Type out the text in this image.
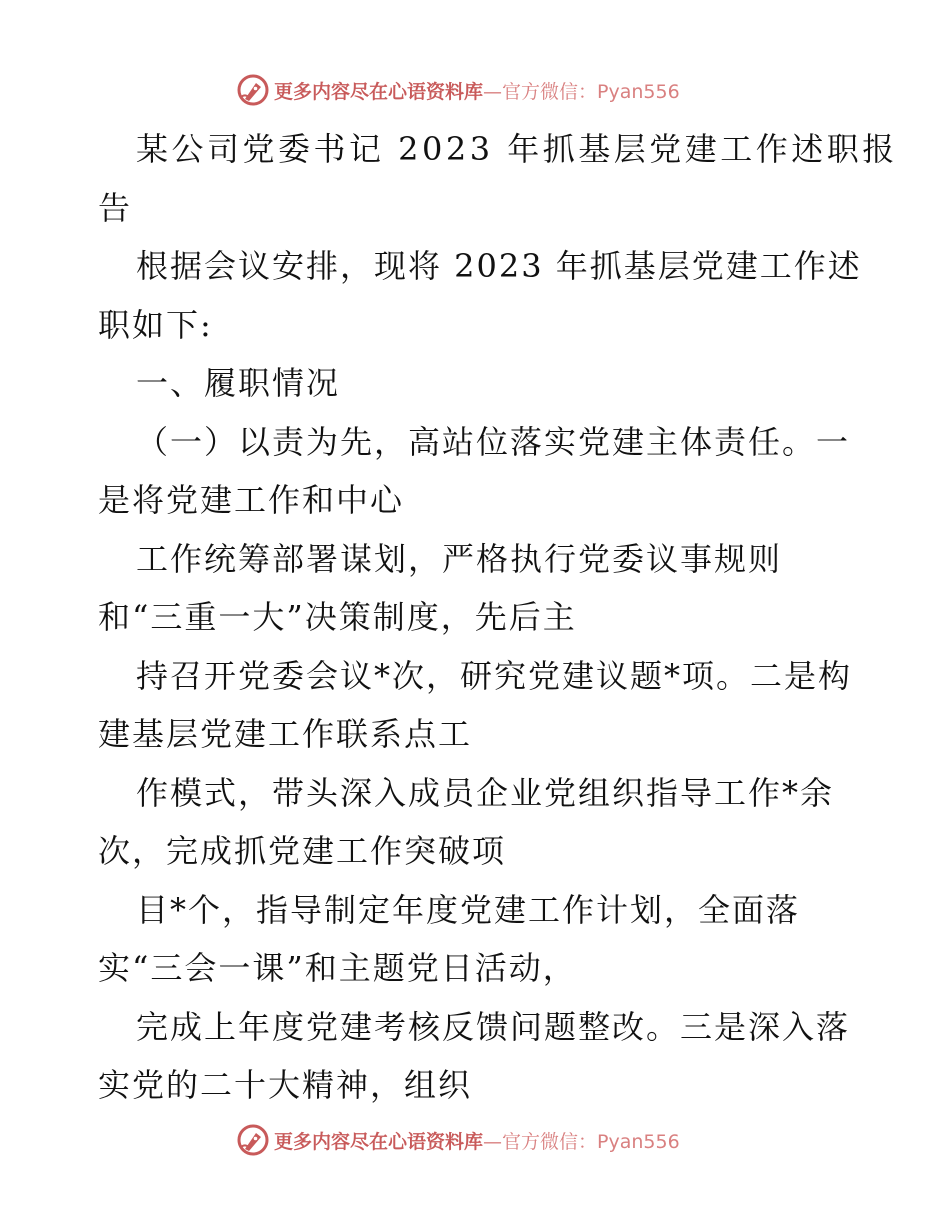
更多内容尽在心语资料库 —官方微信：Pyan556
某公司党委书记 2023 年抓基层党建工作述职报
告
根据会议安排，现将 2023 年抓基层党建工作述
职如下:
一、履职情况
（一）以责为先，高站位落实党建主体责任。一
是将党建工作和中心
工作统筹部署谋划，严格执行党委议事规则
和“三重一大”决策制度，先后主
持召开党委会议*次，研究党建议题*项。二是构
建基层党建工作联系点工
作模式，带头深入成员企业党组织指导工作*余
次，完成抓党建工作突破项
目*个，指导制定年度党建工作计划，全面落
实“三会一课”和主题党日活动，
完成上年度党建考核反馈问题整改。三是深入落
实党的二十大精神，组织
更多内容尽在心语资料库 —官方微信：Pyan556
